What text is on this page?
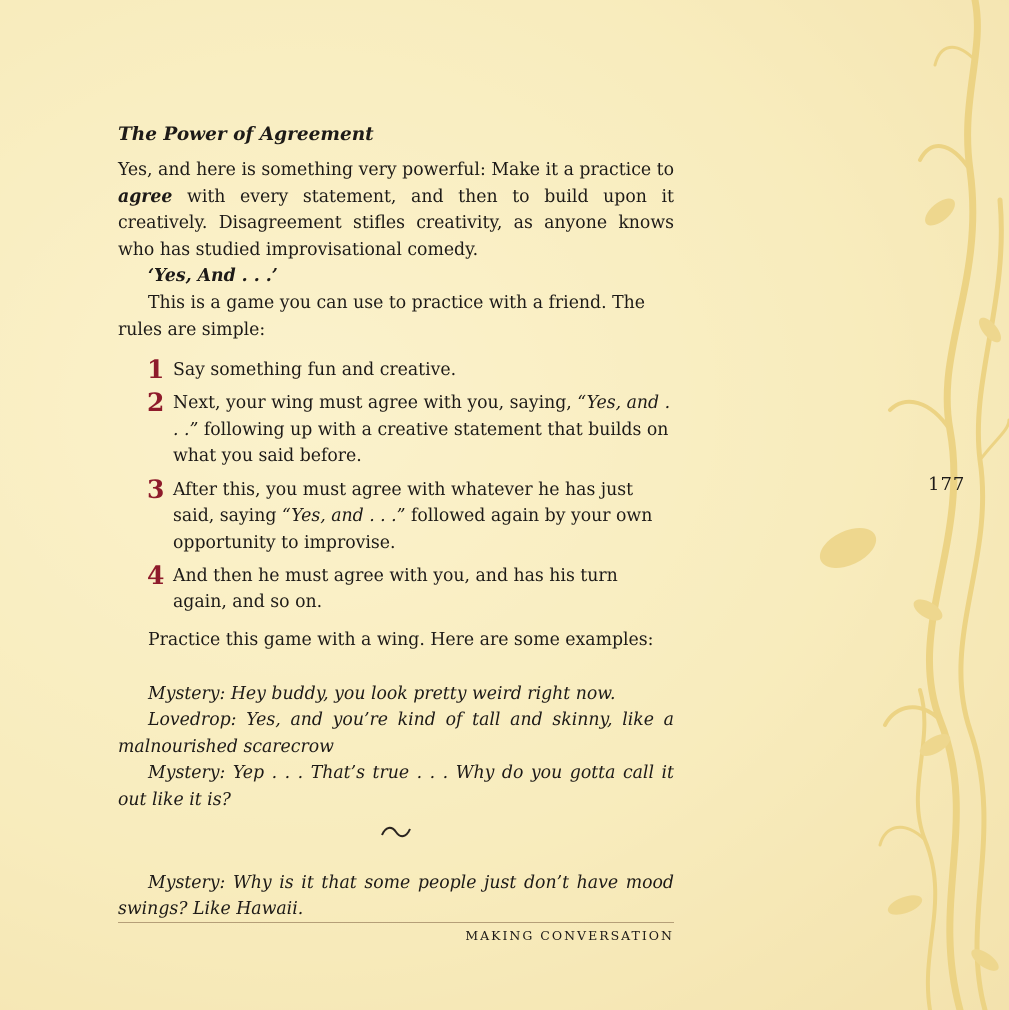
The Power of Agreement

Yes, and here is something very powerful: Make it a practice to agree with every statement, and then to build upon it creatively. Disagreement stifles creativity, as anyone knows who has studied improvisational comedy.

‘Yes, And . . .’

This is a game you can use to practice with a friend. The rules are simple:

1 Say something fun and creative.
2 Next, your wing must agree with you, saying, “Yes, and . . .” following up with a creative statement that builds on what you said before.
3 After this, you must agree with whatever he has just said, saying “Yes, and . . .” followed again by your own opportunity to improvise.
4 And then he must agree with you, and has his turn again, and so on.

Practice this game with a wing. Here are some examples:

Mystery: Hey buddy, you look pretty weird right now.

Lovedrop: Yes, and you’re kind of tall and skinny, like a malnourished scarecrow

Mystery: Yep . . . That’s true . . . Why do you gotta call it out like it is?

Mystery: Why is it that some people just don’t have mood swings? Like Hawaii.

MAKING CONVERSATION
177
